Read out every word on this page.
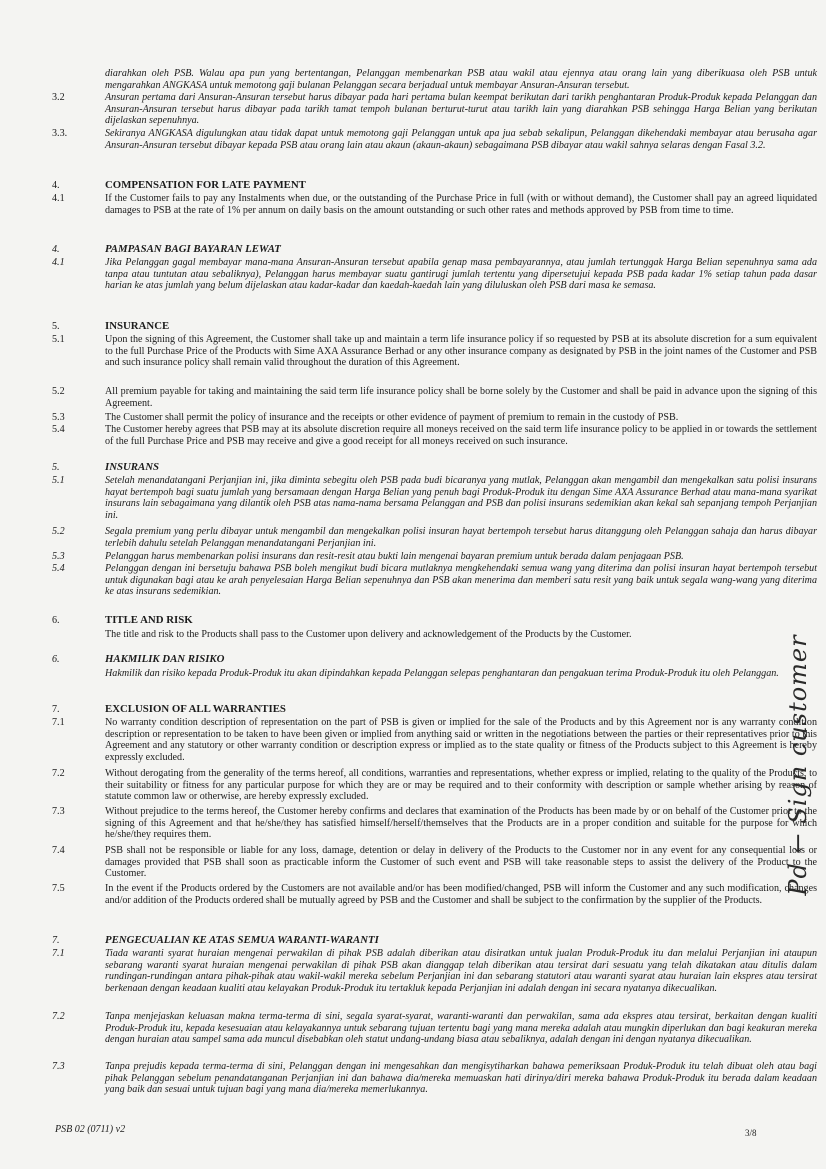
diarahkan oleh PSB. Walau apa pun yang bertentangan, Pelanggan membenarkan PSB atau wakil atau ejennya atau orang lain yang diberikuasa oleh PSB untuk mengarahkan ANGKASA untuk memotong gaji bulanan Pelanggan secara berjadual untuk membayar Ansuran-Ansuran tersebut.
3.2	Ansuran pertama dari Ansuran-Ansuran tersebut harus dibayar pada hari pertama bulan keempat berikutan dari tarikh penghantaran Produk-Produk kepada Pelanggan dan Ansuran-Ansuran tersebut harus dibayar pada tarikh tamat tempoh bulanan berturut-turut atau tarikh lain yang diarahkan PSB sehingga Harga Belian yang berikutan dijelaskan sepenuhnya.
3.3.	Sekiranya ANGKASA digulungkan atau tidak dapat untuk memotong gaji Pelanggan untuk apa jua sebab sekalipun, Pelanggan dikehendaki membayar atau berusaha agar Ansuran-Ansuran tersebut dibayar kepada PSB atau orang lain atau akaun (akaun-akaun) sebagaimana PSB dibayar atau wakil sahnya selaras dengan Fasal 3.2.
4.	COMPENSATION FOR LATE PAYMENT
4.1	If the Customer fails to pay any Instalments when due, or the outstanding of the Purchase Price in full (with or without demand), the Customer shall pay an agreed liquidated damages to PSB at the rate of 1% per annum on daily basis on the amount outstanding or such other rates and methods approved by PSB from time to time.
4.	PAMPASAN BAGI BAYARAN LEWAT
4.1	Jika Pelanggan gagal membayar mana-mana Ansuran-Ansuran tersebut apabila genap masa pembayarannya, atau jumlah tertunggak Harga Belian sepenuhnya sama ada tanpa atau tuntutan atau sebaliknya), Pelanggan harus membayar suatu gantirugi jumlah tertentu yang dipersetujui kepada PSB pada kadar 1% setiap tahun pada dasar harian ke atas jumlah yang belum dijelaskan atau kadar-kadar dan kaedah-kaedah lain yang diluluskan oleh PSB dari masa ke semasa.
5.	INSURANCE
5.1	Upon the signing of this Agreement, the Customer shall take up and maintain a term life insurance policy if so requested by PSB at its absolute discretion for a sum equivalent to the full Purchase Price of the Products with Sime AXA Assurance Berhad or any other insurance company as designated by PSB in the joint names of the Customer and PSB and such insurance policy shall remain valid throughout the duration of this Agreement.
5.2	All premium payable for taking and maintaining the said term life insurance policy shall be borne solely by the Customer and shall be paid in advance upon the signing of this Agreement.
5.3	The Customer shall permit the policy of insurance and the receipts or other evidence of payment of premium to remain in the custody of PSB.
5.4	The Customer hereby agrees that PSB may at its absolute discretion require all moneys received on the said term life insurance policy to be applied in or towards the settlement of the full Purchase Price and PSB may receive and give a good receipt for all moneys received on such insurance.
5.	INSURANS
5.1	Setelah menandatangani Perjanjian ini, jika diminta sebegitu oleh PSB pada budi bicaranya yang mutlak, Pelanggan akan mengambil dan mengekalkan satu polisi insurans hayat bertempoh bagi suatu jumlah yang bersamaan dengan Harga Belian yang penuh bagi Produk-Produk itu dengan Sime AXA Assurance Berhad atau mana-mana syarikat insurans lain sebagaimana yang dilantik oleh PSB atas nama-nama bersama Pelanggan and PSB dan polisi insurans sedemikian akan kekal sah sepanjang tempoh Perjanjian ini.
5.2	Segala premium yang perlu dibayar untuk mengambil dan mengekalkan polisi insuran hayat bertempoh tersebut harus ditanggung oleh Pelanggan sahaja dan harus dibayar terlebih dahulu setelah Pelanggan menandatangani Perjanjian ini.
5.3	Pelanggan harus membenarkan polisi insurans dan resit-resit atau bukti lain mengenai bayaran premium untuk berada dalam penjagaan PSB.
5.4	Pelanggan dengan ini bersetuju bahawa PSB boleh mengikut budi bicara mutlaknya mengkehendaki semua wang yang diterima dan polisi insuran hayat bertempoh tersebut untuk digunakan bagi atau ke arah penyelesaian Harga Belian sepenuhnya dan PSB akan menerima dan memberi satu resit yang baik untuk segala wang-wang yang diterima ke atas insurans sedemikian.
6.	TITLE AND RISK
The title and risk to the Products shall pass to the Customer upon delivery and acknowledgement of the Products by the Customer.
6.	HAKMILIK DAN RISIKO
Hakmilik dan risiko kepada Produk-Produk itu akan dipindahkan kepada Pelanggan selepas penghantaran dan pengakuan terima Produk-Produk itu oleh Pelanggan.
7.	EXCLUSION OF ALL WARRANTIES
7.1	No warranty condition description of representation on the part of PSB is given or implied for the sale of the Products and by this Agreement nor is any warranty condition description or representation to be taken to have been given or implied from anything said or written in the negotiations between the parties or their representatives prior to this Agreement and any statutory or other warranty condition or description express or implied as to the state quality or fitness of the Products subject to this Agreement is hereby expressly excluded.
7.2	Without derogating from the generality of the terms hereof, all conditions, warranties and representations, whether express or implied, relating to the quality of the Products, to their suitability or fitness for any particular purpose for which they are or may be required and to their conformity with description or sample whether arising by reason of statute common law or otherwise, are hereby expressly excluded.
7.3	Without prejudice to the terms hereof, the Customer hereby confirms and declares that examination of the Products has been made by or on behalf of the Customer prior to the signing of this Agreement and that he/she/they has satisfied himself/herself/themselves that the Products are in a proper condition and suitable for the purpose for which he/she/they requires them.
7.4	PSB shall not be responsible or liable for any loss, damage, detention or delay in delivery of the Products to the Customer nor in any event for any consequential loss or damages provided that PSB shall soon as practicable inform the Customer of such event and PSB will take reasonable steps to assist the delivery of the Product to the Customer.
7.5	In the event if the Products ordered by the Customers are not available and/or has been modified/changed, PSB will inform the Customer and any such modification, changes and/or addition of the Products ordered shall be mutually agreed by PSB and the Customer and shall be subject to the confirmation by the supplier of the Products.
7.	PENGECUALIAN KE ATAS SEMUA WARANTI-WARANTI
7.1	Tiada waranti syarat huraian mengenai perwakilan di pihak PSB adalah diberikan atau disiratkan untuk jualan Produk-Produk itu dan melalui Perjanjian ini ataupun sebarang waranti syarat huraian mengenai perwakilan di pihak PSB akan dianggap telah diberikan atau tersirat dari sesuatu yang telah dikatakan atau ditulis dalam rundingan-rundingan antara pihak-pihak atau wakil-wakil mereka sebelum Perjanjian ini dan sebarang statutori atau waranti syarat atau huraian lain ekspres atau tersirat berkenaan dengan keadaan kualiti atau kelayakan Produk-Produk itu tertakluk kepada Perjanjian ini adalah dengan ini secara nyatanya dikecualikan.
7.2	Tanpa menjejaskan keluasan makna terma-terma di sini, segala syarat-syarat, waranti-waranti dan perwakilan, sama ada ekspres atau tersirat, berkaitan dengan kualiti Produk-Produk itu, kepada kesesuaian atau kelayakannya untuk sebarang tujuan tertentu bagi yang mana mereka adalah atau mungkin diperlukan dan bagi keakuran mereka dengan huraian atau sampel sama ada muncul disebabkan oleh statut undang-undang biasa atau sebaliknya, adalah dengan ini dengan nyatanya dikecualikan.
7.3	Tanpa prejudis kepada terma-terma di sini, Pelanggan dengan ini mengesahkan dan mengisytiharkan bahawa pemeriksaan Produk-Produk itu telah dibuat oleh atau bagi pihak Pelanggan sebelum penandatanganan Perjanjian ini dan bahawa dia/mereka memuaskan hati dirinya/diri mereka bahawa Produk-Produk itu berada dalam keadaan yang baik dan sesuai untuk tujuan bagi yang mana dia/mereka memerlukannya.
PSB 02 (0711) v2	3/8
Pd ← Sign customer
